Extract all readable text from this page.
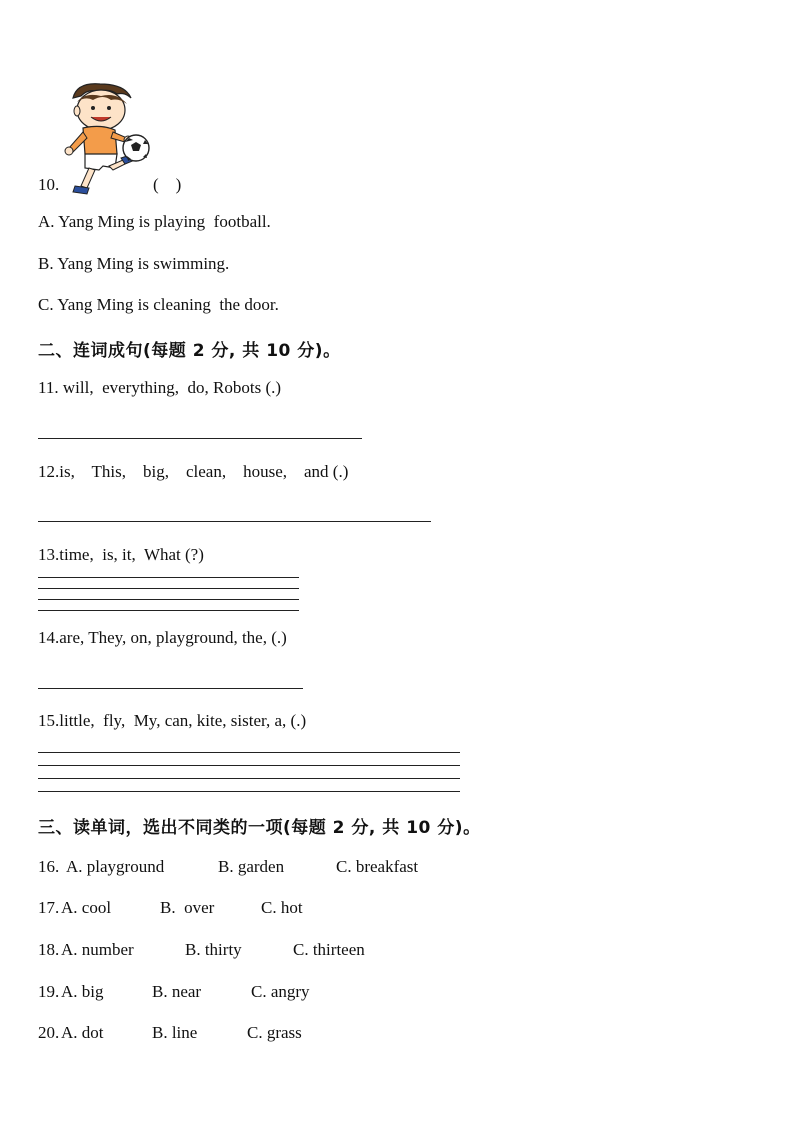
10.	(    )
A. Yang Ming is playing  football.
B. Yang Ming is swimming.
C. Yang Ming is cleaning  the door.
二、连词成句(每题 2 分, 共 10 分)。
11. will,  everything,  do, Robots (.)
12.is,    This,    big,    clean,    house,    and (.)
13.time,  is, it,  What (?)
14.are, They, on, playground, the, (.)
15.little,  fly,  My, can, kite, sister, a, (.)
三、读单词，选出不同类的一项(每题 2 分, 共 10 分)。
16. A. playground	B. garden	C. breakfast
17. A. cool	B.  over	C. hot
18. A. number	B. thirty	C. thirteen
19. A. big	B. near	C. angry
20. A. dot	B. line	C. grass
